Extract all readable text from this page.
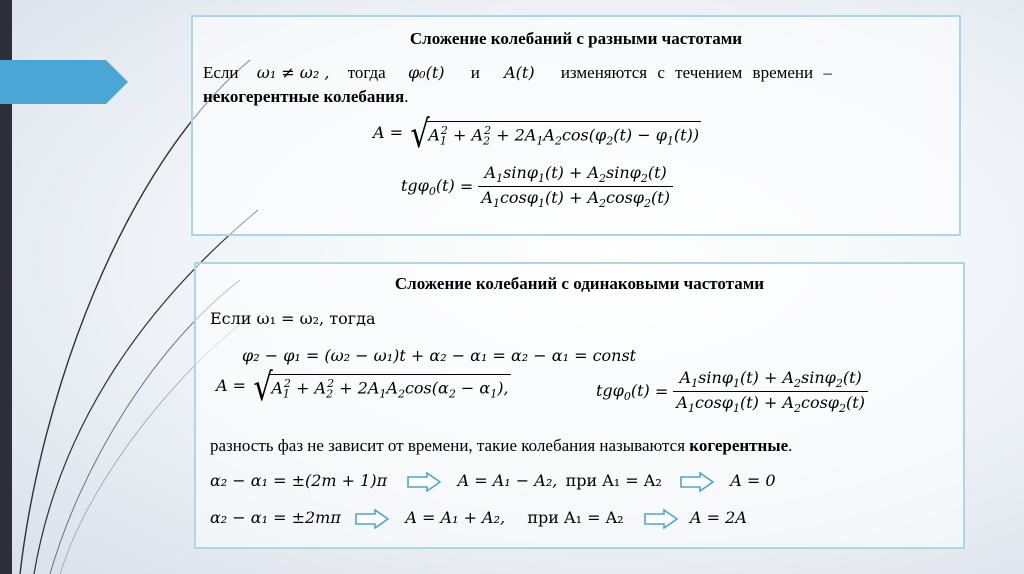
Сложение колебаний с разными частотами
Если ω₁ ≠ ω₂ , тогда φ₀(t) и A(t) изменяются с течением времени –
некогерентные колебания.
$A = √A_1^2 + A_2^2 + 2A_1A_2\cos(\varphi_2(t) - \varphi_1(t))$
$tg\varphi_0(t) = \frac{A_1\sin\varphi_1(t) + A_2\sin\varphi_2(t)}{A_1\cos\varphi_1(t) + A_2\cos\varphi_2(t)}$
Сложение колебаний с одинаковыми частотами
Если ω₁ = ω₂, тогда
φ₂ − φ₁ = (ω₂ − ω₁)t + α₂ − α₁ = α₂ − α₁ = const
$A = √A_1^2 + A_2^2 + 2A_1A_2\cos(\alpha_2 - \alpha_1)$,	$tg\varphi_0(t) = \frac{A_1\sin\varphi_1(t) + A_2\sin\varphi_2(t)}{A_1\cos\varphi_1(t) + A_2\cos\varphi_2(t)}$
разность фаз не зависит от времени, такие колебания называются когерентные.
α₂ − α₁ = ±(2m + 1)π	A = A₁ − A₂, при A₁ = A₂	A = 0
α₂ − α₁ = ±2mπ	A = A₁ + A₂, при A₁ = A₂	A = 2A
